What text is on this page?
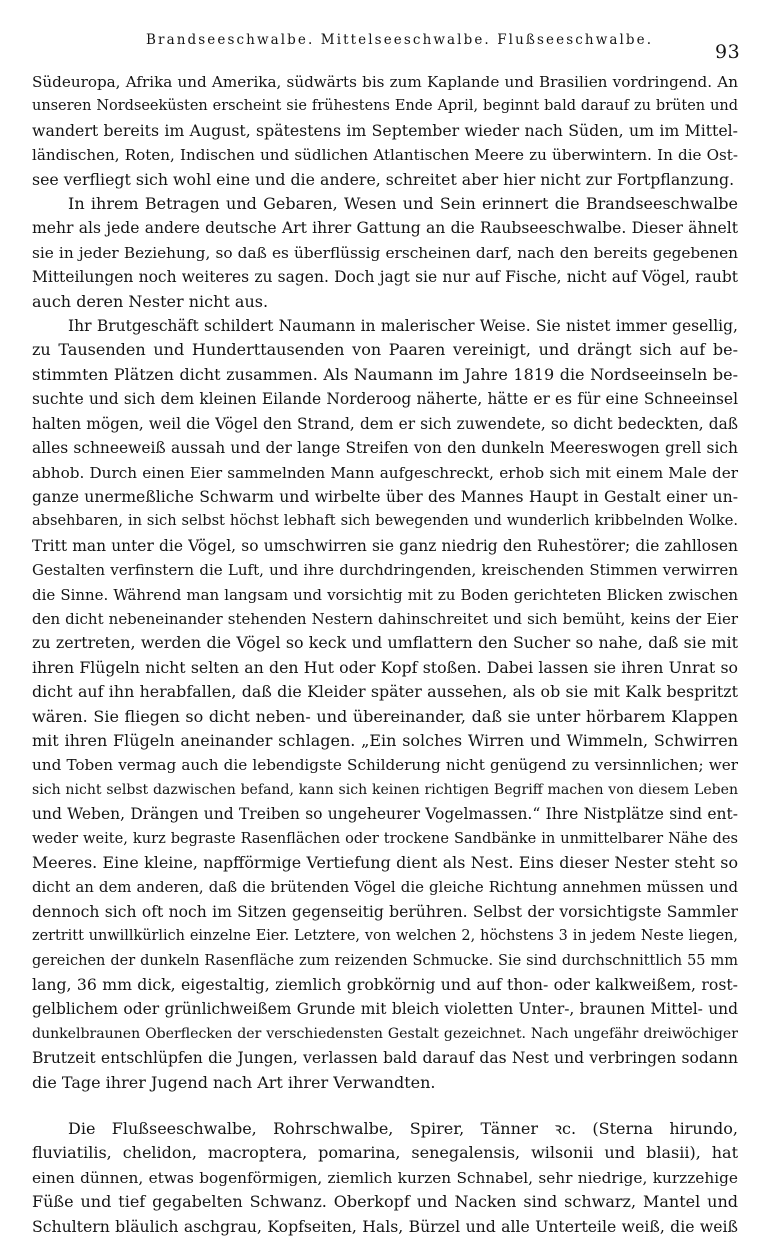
Brandseeschwalbe. Mittelseeschwalbe. Flußseeschwalbe.
93

Südeuropa, Afrika und Amerika, südwärts bis zum Kaplande und Brasilien vordringend. An
unseren Nordseeküsten erscheint sie frühestens Ende April, beginnt bald darauf zu brüten und
wandert bereits im August, spätestens im September wieder nach Süden, um im Mittel-
ländischen, Roten, Indischen und südlichen Atlantischen Meere zu überwintern. In die Ost-
see verfliegt sich wohl eine und die andere, schreitet aber hier nicht zur Fortpflanzung.

In ihrem Betragen und Gebaren, Wesen und Sein erinnert die Brandseeschwalbe
mehr als jede andere deutsche Art ihrer Gattung an die Raubseeschwalbe. Dieser ähnelt
sie in jeder Beziehung, so daß es überflüssig erscheinen darf, nach den bereits gegebenen
Mitteilungen noch weiteres zu sagen. Doch jagt sie nur auf Fische, nicht auf Vögel, raubt
auch deren Nester nicht aus.

Ihr Brutgeschäft schildert Naumann in malerischer Weise. Sie nistet immer gesellig,
zu Tausenden und Hunderttausenden von Paaren vereinigt, und drängt sich auf be-
stimmten Plätzen dicht zusammen. Als Naumann im Jahre 1819 die Nordseeinseln be-
suchte und sich dem kleinen Eilande Norderoog näherte, hätte er es für eine Schneeinsel
halten mögen, weil die Vögel den Strand, dem er sich zuwendete, so dicht bedeckten, daß
alles schneeweiß aussah und der lange Streifen von den dunkeln Meereswogen grell sich
abhob. Durch einen Eier sammelnden Mann aufgeschreckt, erhob sich mit einem Male der
ganze unermeßliche Schwarm und wirbelte über des Mannes Haupt in Gestalt einer un-
absehbaren, in sich selbst höchst lebhaft sich bewegenden und wunderlich kribbelnden Wolke.
Tritt man unter die Vögel, so umschwirren sie ganz niedrig den Ruhestörer; die zahllosen
Gestalten verfinstern die Luft, und ihre durchdringenden, kreischenden Stimmen verwirren
die Sinne. Während man langsam und vorsichtig mit zu Boden gerichteten Blicken zwischen
den dicht nebeneinander stehenden Nestern dahinschreitet und sich bemüht, keins der Eier
zu zertreten, werden die Vögel so keck und umflattern den Sucher so nahe, daß sie mit
ihren Flügeln nicht selten an den Hut oder Kopf stoßen. Dabei lassen sie ihren Unrat so
dicht auf ihn herabfallen, daß die Kleider später aussehen, als ob sie mit Kalk bespritzt
wären. Sie fliegen so dicht neben- und übereinander, daß sie unter hörbarem Klappen
mit ihren Flügeln aneinander schlagen. „Ein solches Wirren und Wimmeln, Schwirren
und Toben vermag auch die lebendigste Schilderung nicht genügend zu versinnlichen; wer
sich nicht selbst dazwischen befand, kann sich keinen richtigen Begriff machen von diesem Leben
und Weben, Drängen und Treiben so ungeheurer Vogelmassen.“ Ihre Nistplätze sind ent-
weder weite, kurz begraste Rasenflächen oder trockene Sandbänke in unmittelbarer Nähe des
Meeres. Eine kleine, napfförmige Vertiefung dient als Nest. Eins dieser Nester steht so
dicht an dem anderen, daß die brütenden Vögel die gleiche Richtung annehmen müssen und
dennoch sich oft noch im Sitzen gegenseitig berühren. Selbst der vorsichtigste Sammler
zertritt unwillkürlich einzelne Eier. Letztere, von welchen 2, höchstens 3 in jedem Neste liegen,
gereichen der dunkeln Rasenfläche zum reizenden Schmucke. Sie sind durchschnittlich 55 mm
lang, 36 mm dick, eigestaltig, ziemlich grobkörnig und auf thon- oder kalkweißem, rost-
gelblichem oder grünlichweißem Grunde mit bleich violetten Unter-, braunen Mittel- und
dunkelbraunen Oberflecken der verschiedensten Gestalt gezeichnet. Nach ungefähr dreiwöchiger
Brutzeit entschlüpfen die Jungen, verlassen bald darauf das Nest und verbringen sodann
die Tage ihrer Jugend nach Art ihrer Verwandten.

Die Flußseeschwalbe, Rohrschwalbe, Spirer, Tänner ꝛc. (Sterna hirundo,
fluviatilis, chelidon, macroptera, pomarina, senegalensis, wilsonii und blasii), hat
einen dünnen, etwas bogenförmigen, ziemlich kurzen Schnabel, sehr niedrige, kurzzehige
Füße und tief gegabelten Schwanz. Oberkopf und Nacken sind schwarz, Mantel und
Schultern bläulich aschgrau, Kopfseiten, Hals, Bürzel und alle Unterteile weiß, die weiß
